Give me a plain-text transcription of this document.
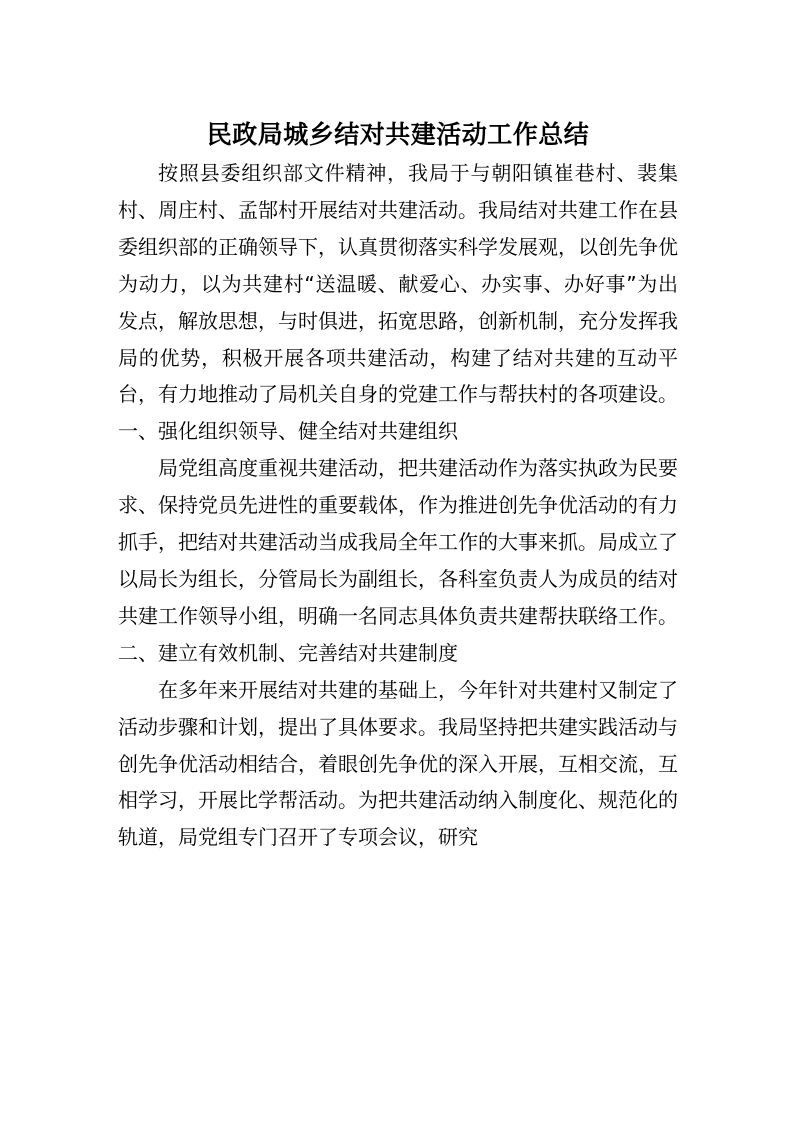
民政局城乡结对共建活动工作总结

按照县委组织部文件精神，我局于与朝阳镇崔巷村、裴集村、周庄村、孟郜村开展结对共建活动。我局结对共建工作在县委组织部的正确领导下，认真贯彻落实科学发展观，以创先争优为动力，以为共建村“送温暖、献爱心、办实事、办好事”为出发点，解放思想，与时俱进，拓宽思路，创新机制，充分发挥我局的优势，积极开展各项共建活动，构建了结对共建的互动平台，有力地推动了局机关自身的党建工作与帮扶村的各项建设。

一、强化组织领导、健全结对共建组织

局党组高度重视共建活动，把共建活动作为落实执政为民要求、保持党员先进性的重要载体，作为推进创先争优活动的有力抓手，把结对共建活动当成我局全年工作的大事来抓。局成立了以局长为组长，分管局长为副组长，各科室负责人为成员的结对共建工作领导小组，明确一名同志具体负责共建帮扶联络工作。

二、建立有效机制、完善结对共建制度

在多年来开展结对共建的基础上，今年针对共建村又制定了活动步骤和计划，提出了具体要求。我局坚持把共建实践活动与创先争优活动相结合，着眼创先争优的深入开展，互相交流，互相学习，开展比学帮活动。为把共建活动纳入制度化、规范化的轨道，局党组专门召开了专项会议，研究
